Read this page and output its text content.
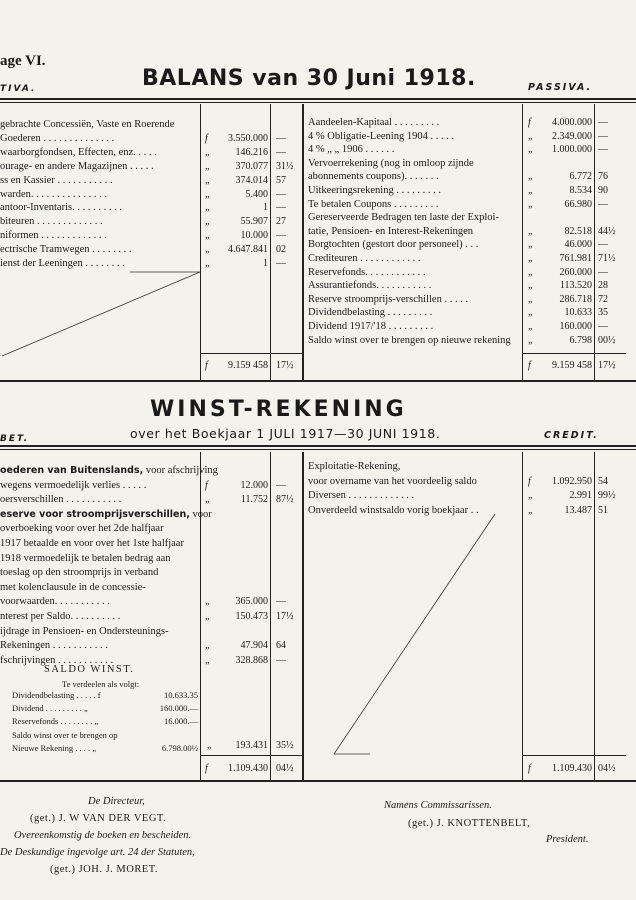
age VI.
BALANS van 30 Juni 1918.
TIVA.	PASSIVA.
gebrachte Concessiën, Vaste en Roerende
Goederen . . . . . . . . . . . . . .	f	3.550.000 —
waarborgfondsen, Effecten, enz. . . . .	„	146.216 —
ourage- en andere Magazijnen . . . . .	„	370.077 31½
ss en Kassier . . . . . . . . . . .	„	374.014 57
warden. . . . . . . . . . . . . . .	„	5.400 —
antoor-Inventaris. . . . . . . . . .	„	1 —
biteuren . . . . . . . . . . . . .	„	55.907 27
niformen . . . . . . . . . . . . .	„	10.000 —
ectrische Tramwegen . . . . . . . .	„	4.647.841 02
ienst der Leeningen . . . . . . . .	„	1 —
Aandeelen-Kapitaal . . . . . . . . .	f	4.000.000 —
4 % Obligatie-Leening 1904 . . . . .	„	2.349.000 —
4 % „ „ 1906 . . . . . .	„	1.000.000 —
Vervoerrekening (nog in omloop zijnde
abonnements coupons). . . . . . .	„	6.772 76
Uitkeeringsrekening . . . . . . . . .	„	8.534 90
Te betalen Coupons . . . . . . . . .	„	66.980 —
Gereserveerde Bedragen ten laste der Exploi-
tatie, Pensioen- en Interest-Rekeningen	„	82.518 44½
Borgtochten (gestort door personeel) . . .	„	46.000 —
Crediteuren . . . . . . . . . . . .	„	761.981 71½
Reservefonds. . . . . . . . . . . .	„	260.000 —
Assurantiefonds. . . . . . . . . . .	„	113.520 28
Reserve stroomprijs-verschillen . . . . .	„	286.718 72
Dividendbelasting . . . . . . . . .	„	10.633 35
Dividend 1917/'18 . . . . . . . . .	„	160.000 —
Saldo winst over te brengen op nieuwe rekening	„	6.798 00½
f	9.159 458 17½	f	9.159 458 17½
WINST-REKENING
over het Boekjaar 1 JULI 1917—30 JUNI 1918.
BET.	CREDIT.
oederen van Buitenslands, voor afschrijving
wegens vermoedelijk verlies . . . . .	f	12.000 —
oersverschillen . . . . . . . . . . .	„	11.752 87½
eserve voor stroomprijsverschillen, voor
overboeking voor over het 2de halfjaar
1917 betaalde en voor over het 1ste halfjaar
1918 vermoedelijk te betalen bedrag aan
toeslag op den stroomprijs in verband
met kolenclausule in de concessie-
voorwaarden. . . . . . . . . . .	„	365.000 —
nterest per Saldo. . . . . . . . . .	„	150.473 17½
ijdrage in Pensioen- en Ondersteunings-
Rekeningen . . . . . . . . . . .	„	47.904 64
fschrijvingen . . . . . . . . . . .	„	328.868 —
Exploitatie-Rekening,
voor overname van het voordeelig saldo	f	1.092.950 54
Diversen . . . . . . . . . . . . .	„	2.991 99½
Onverdeeld winstsaldo vorig boekjaar . .	„	13.487 51
SALDO WINST.
Te verdeelen als volgt:
Dividendbelasting . . . . . f	10.633.35
Dividend . . . . . . . . . „	160.000.—
Reservefonds . . . . . . . . „	16.000.—
Saldo winst over te brengen op
Nieuwe Rekening . . . . „	6.798.00½ „	193.431 35½
f	1.109.430 04½	f	1.109.430 04½
De Directeur,
(get.) J. W VAN DER VEGT.
Overeenkomstig de boeken en bescheiden.
De Deskundige ingevolge art. 24 der Statuten,
(get.) JOH. J. MORET.
Namens Commissarissen.
(get.) J. KNOTTENBELT,
President.
